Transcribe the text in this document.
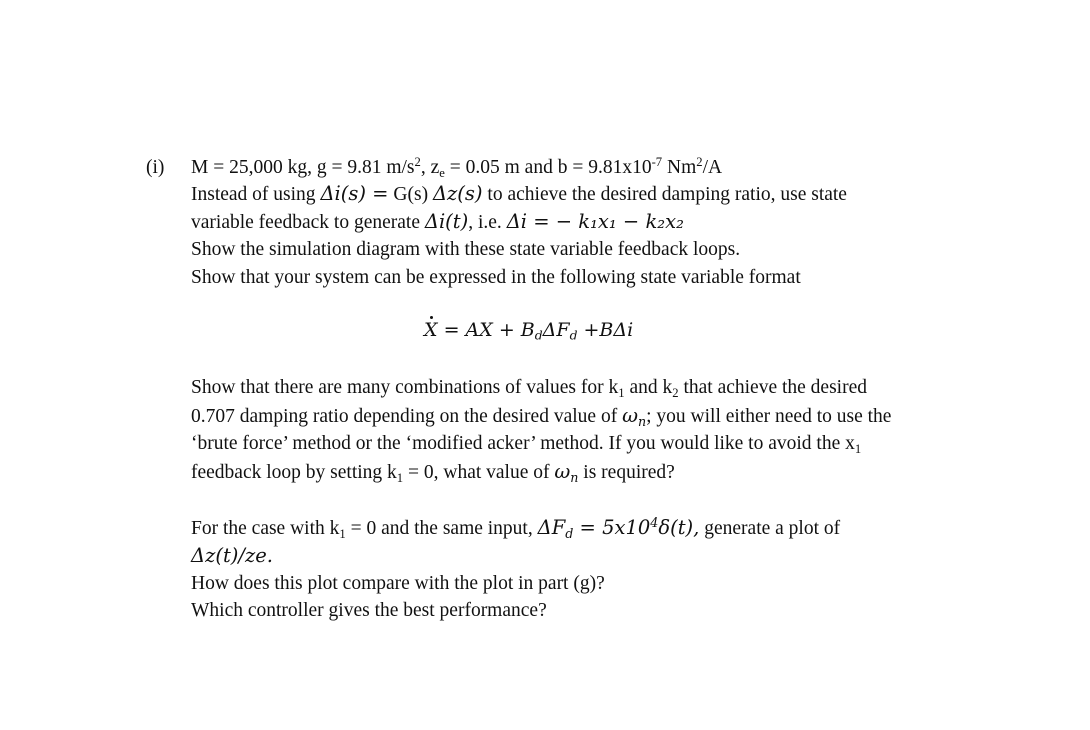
(i) M = 25,000 kg, g = 9.81 $m/s^2$, $z_e = 0.05$ m and $b = 9.81x10^{-7}$ Nm$^2$/A
Instead of using Δi(s) = G(s) Δz(s) to achieve the desired damping ratio, use state
variable feedback to generate Δi(t), i.e. Δi = − k₁x₁ − k₂x₂
Show the simulation diagram with these state variable feedback loops.
Show that your system can be expressed in the following state variable format
X = AX + $B_d\Delta F_d +B\Delta i$
Show that there are many combinations of values for $k_1$ and $k_2$ that achieve the desired
0.707 damping ratio depending on the desired value of $\omega_n$; you will either need to use the
‘brute force’ method or the ‘modified acker’ method. If you would like to avoid the $x_1$
feedback loop by setting $k_1 = 0$, what value of $\omega_n$ is required?
For the case with $k_1 = 0$ and the same input, $\Delta F_d = 5x10^4\delta(t)$, generate a plot of
Δz(t)/ze.
How does this plot compare with the plot in part (g)?
Which controller gives the best performance?
